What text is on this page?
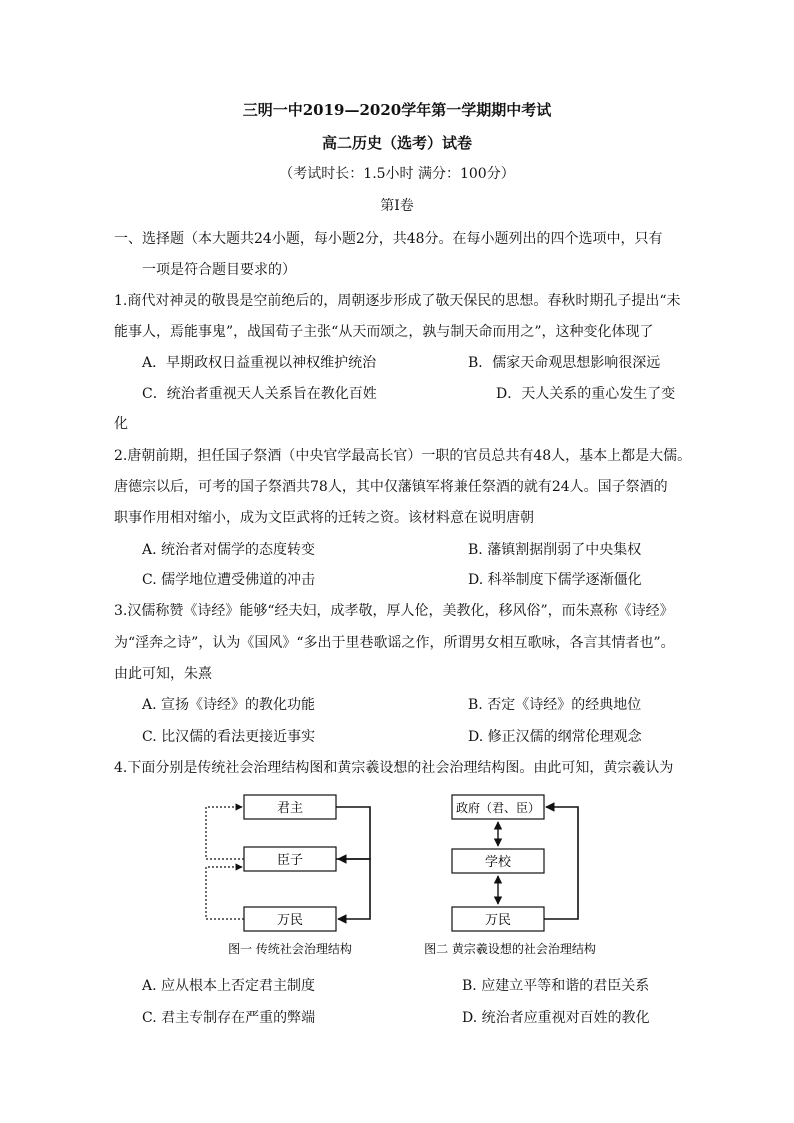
三明一中2019—2020学年第一学期期中考试
高二历史（选考）试卷
（考试时长：1.5小时 满分：100分）
第Ⅰ卷
一、选择题（本大题共24小题，每小题2分，共48分。在每小题列出的四个选项中，只有
一项是符合题目要求的）
1.商代对神灵的敬畏是空前绝后的，周朝逐步形成了敬天保民的思想。春秋时期孔子提出“未
能事人，焉能事鬼”，战国荀子主张“从天而颂之，孰与制天命而用之”，这种变化体现了
A．早期政权日益重视以神权维护统治	B．儒家天命观思想影响很深远
C．统治者重视天人关系旨在教化百姓	D．天人关系的重心发生了变
化
2.唐朝前期，担任国子祭酒（中央官学最高长官）一职的官员总共有48人，基本上都是大儒。
唐德宗以后，可考的国子祭酒共78人，其中仅藩镇军将兼任祭酒的就有24人。国子祭酒的
职事作用相对缩小，成为文臣武将的迁转之资。该材料意在说明唐朝
A. 统治者对儒学的态度转变	B. 藩镇割据削弱了中央集权
C. 儒学地位遭受佛道的冲击	D. 科举制度下儒学逐渐僵化
3.汉儒称赞《诗经》能够“经夫妇，成孝敬，厚人伦，美教化，移风俗”，而朱熹称《诗经》
为“淫奔之诗”，认为《国风》“多出于里巷歌谣之作，所谓男女相互歌咏，各言其情者也”。
由此可知，朱熹
A. 宣扬《诗经》的教化功能	B. 否定《诗经》的经典地位
C. 比汉儒的看法更接近事实	D. 修正汉儒的纲常伦理观念
4.下面分别是传统社会治理结构图和黄宗羲设想的社会治理结构图。由此可知，黄宗羲认为
君主
臣子
万民
图一 传统社会治理结构
政府（君、臣）
学校
万民
图二 黄宗羲设想的社会治理结构
A. 应从根本上否定君主制度	B. 应建立平等和谐的君臣关系
C. 君主专制存在严重的弊端	D. 统治者应重视对百姓的教化
